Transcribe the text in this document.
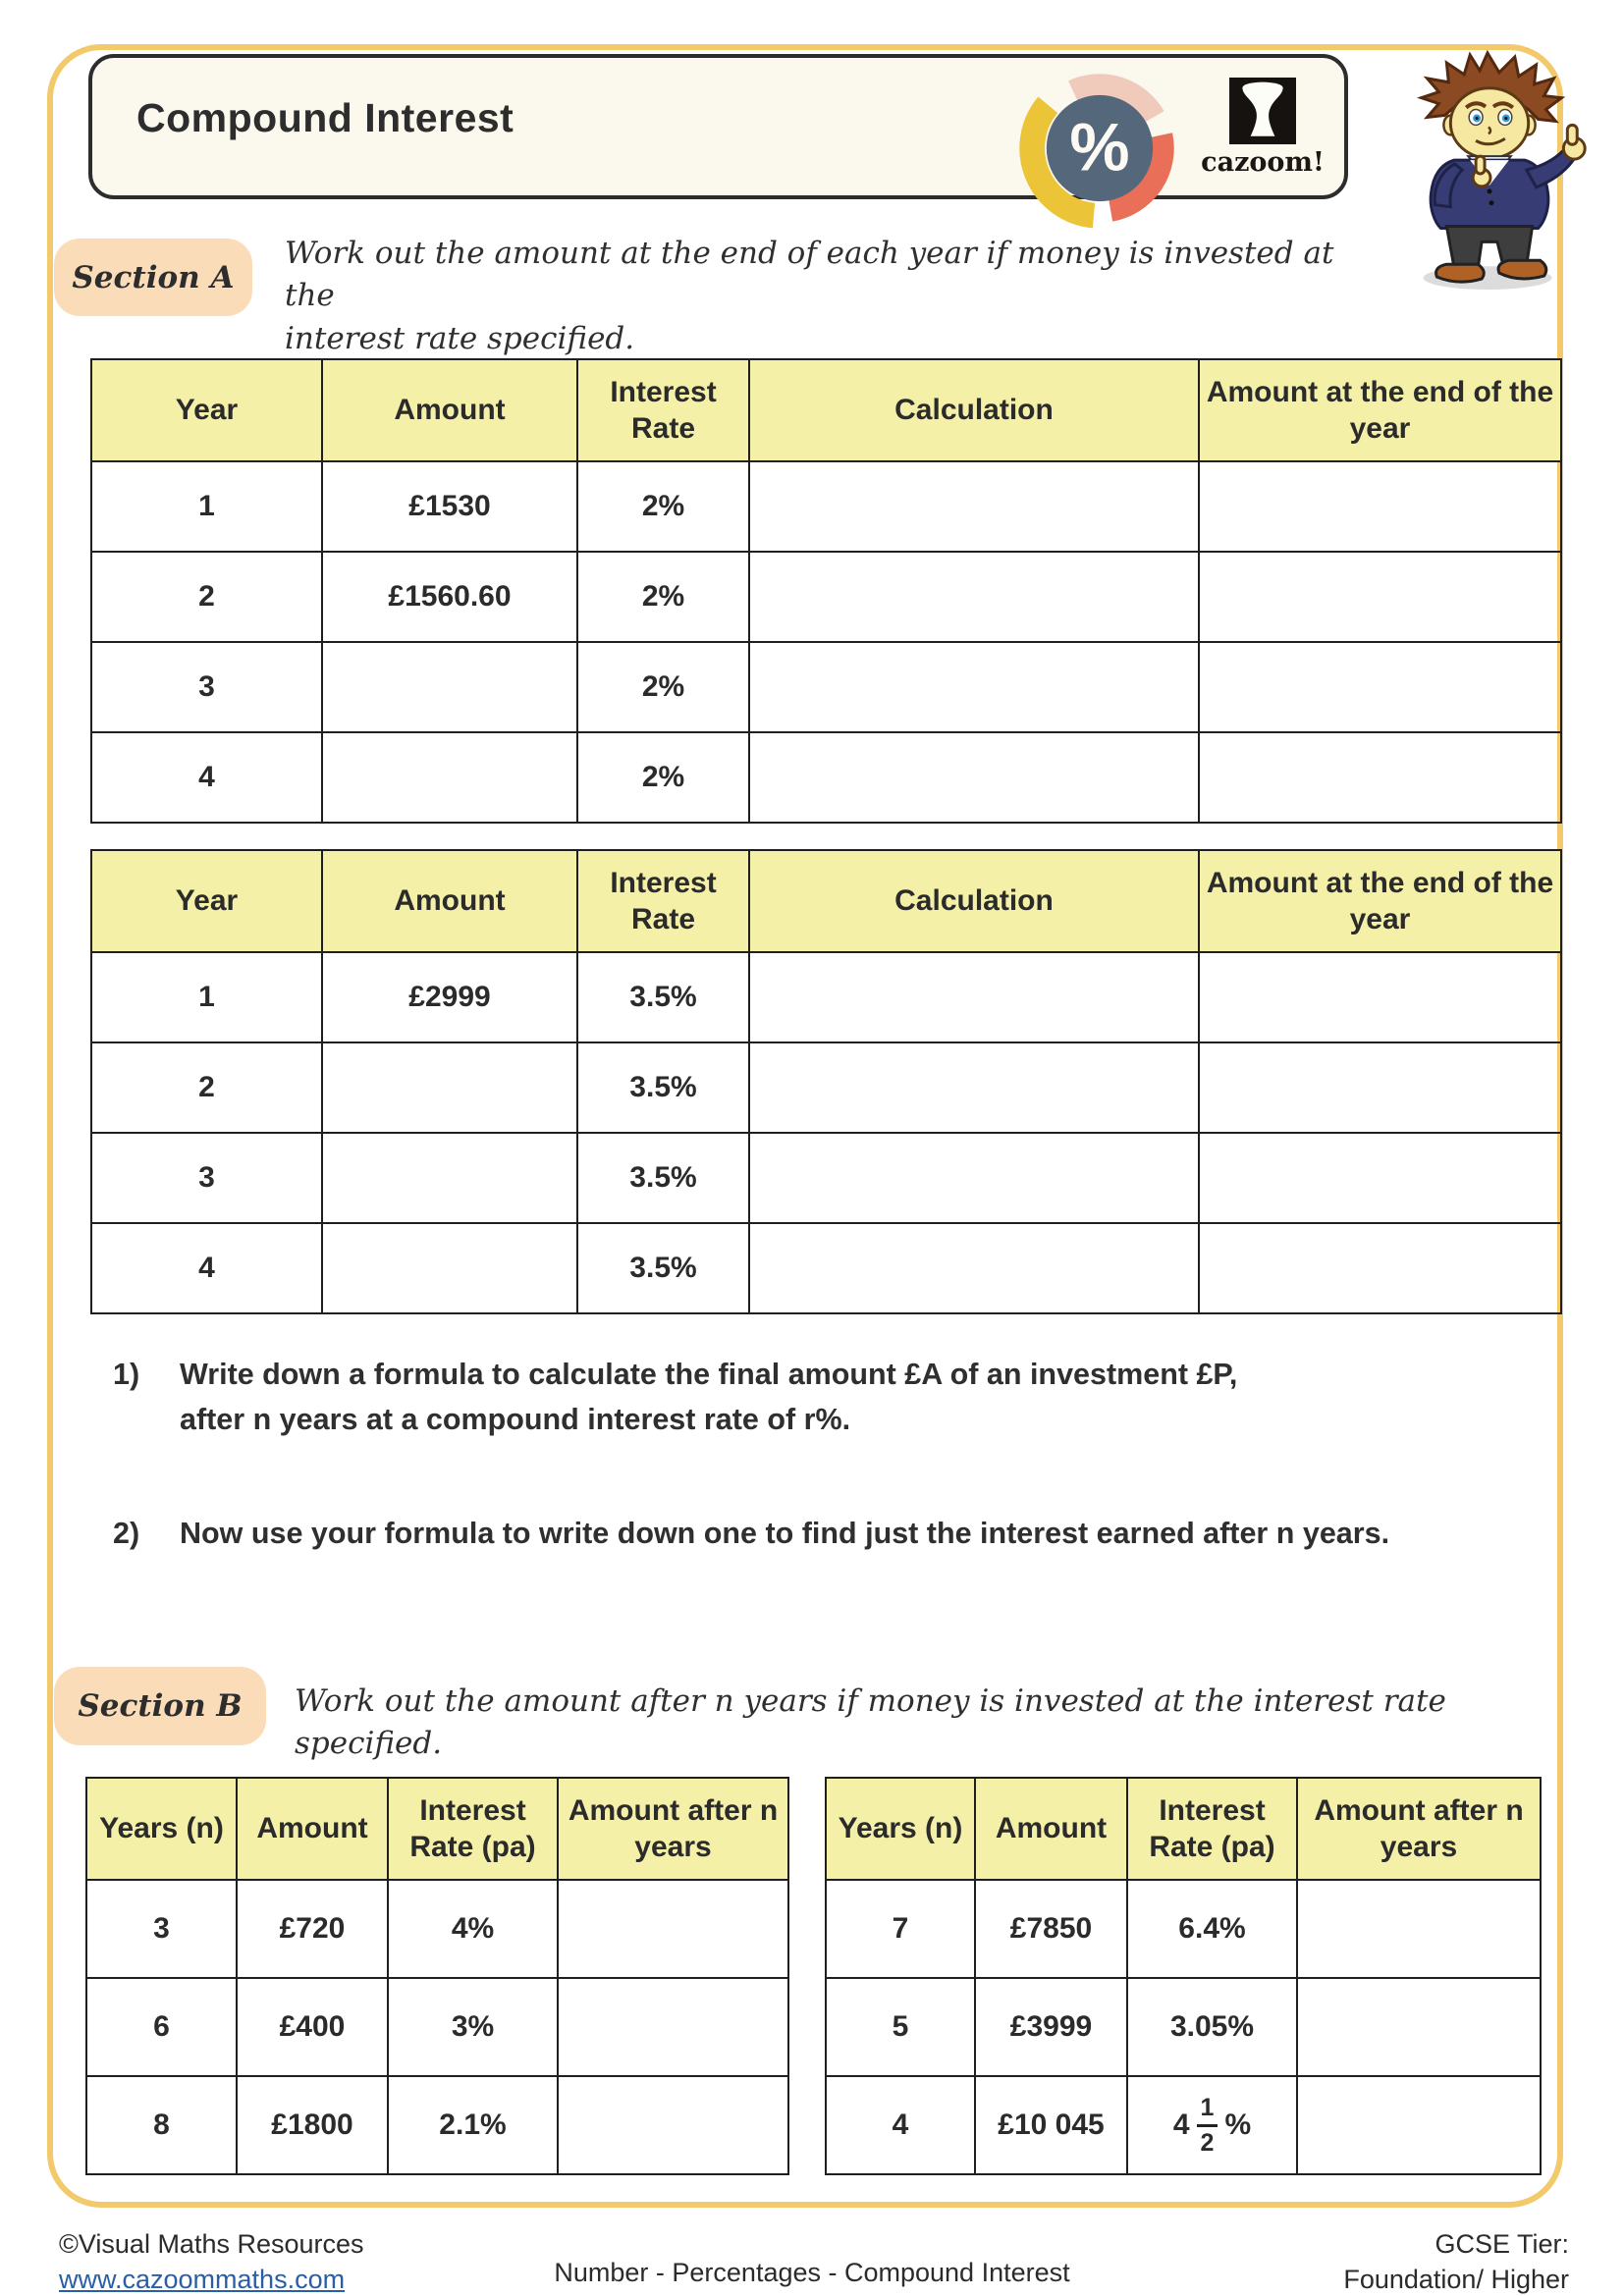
Compound Interest	%	cazoom!
Section A
Work out the amount at the end of each year if money is invested at the
interest rate specified.
Year	Amount	Interest Rate	Calculation	Amount at the end of the year
1	£1530	2%		
2	£1560.60	2%		
3		2%		
4		2%		
Year	Amount	Interest Rate	Calculation	Amount at the end of the year
1	£2999	3.5%		
2		3.5%		
3		3.5%		
4		3.5%		
1)	Write down a formula to calculate the final amount £A of an investment £P,
after n years at a compound interest rate of r%.
2)	Now use your formula to write down one to find just the interest earned after n years.
Section B	Work out the amount after n years if money is invested at the interest rate specified.
Years (n)	Amount	Interest Rate (pa)	Amount after n years
3	£720	4%	
6	£400	3%	
8	£1800	2.1%	
Years (n)	Amount	Interest Rate (pa)	Amount after n years
7	£7850	6.4%	
5	£3999	3.05%	
4	£10 045	$4 \frac{1}{2}$ %	

©Visual Maths Resources
www.cazoommaths.com	Number - Percentages - Compound Interest
GCSE Tier:
Foundation/ Higher
